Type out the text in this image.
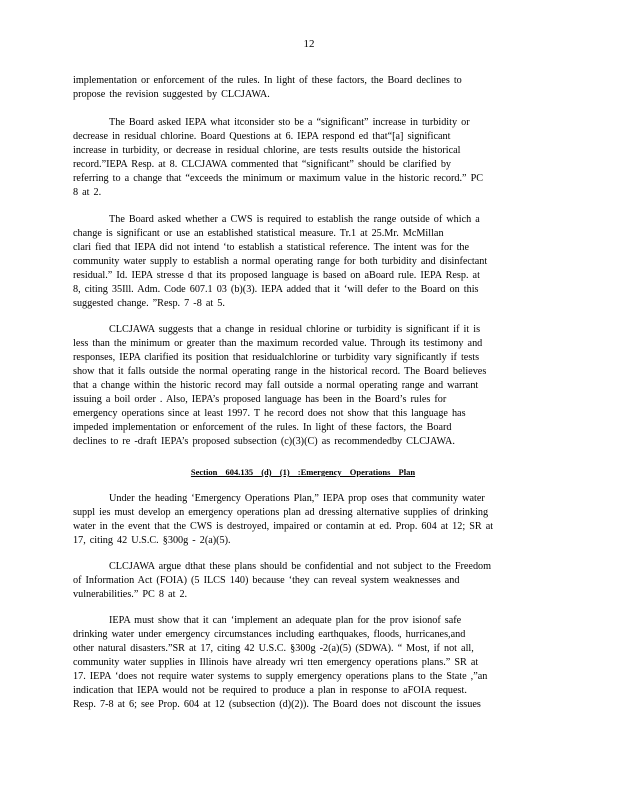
12
implementation or enforcement of the rules. In light of these factors, the Board declines to
propose the revision suggested by CLCJAWA.
The Board asked IEPA what itconsider sto be a “significant” increase in turbidity or
decrease in residual chlorine. Board Questions at 6. IEPA respond ed that“[a] significant
increase in turbidity, or decrease in residual chlorine, are tests results outside the historical
record.”IEPA Resp. at 8. CLCJAWA commented that “significant” should be clarified by
referring to a change that “exceeds the minimum or maximum value in the historic record.” PC
8 at 2.
The Board asked whether a CWS is required to establish the range outside of which a
change is significant or use an established statistical measure. Tr.1 at 25.Mr. McMillan
clari fied that IEPA did not intend ‘to establish a statistical reference. The intent was for the
community water supply to establish a normal operating range for both turbidity and disinfectant
residual.” Id. IEPA stresse d that its proposed language is based on aBoard rule. IEPA Resp. at
8, citing 35Ill. Adm. Code 607.1 03 (b)(3). IEPA added that it ‘will defer to the Board on this
suggested change. ”Resp. 7 -8 at 5.
CLCJAWA suggests that a change in residual chlorine or turbidity is significant if it is
less than the minimum or greater than the maximum recorded value. Through its testimony and
responses, IEPA clarified its position that residualchlorine or turbidity vary significantly if tests
show that it falls outside the normal operating range in the historical record. The Board believes
that a change within the historic record may fall outside a normal operating range and warrant
issuing a boil order . Also, IEPA’s proposed language has been in the Board’s rules for
emergency operations since at least 1997. T he record does not show that this language has
impeded implementation or enforcement of the rules. In light of these factors, the Board
declines to re -draft IEPA’s proposed subsection (c)(3)(C) as recommendedby CLCJAWA.
Section 604.135 (d) (1) :Emergency Operations Plan
Under the heading ‘Emergency Operations Plan,” IEPA prop oses that community water
suppl ies must develop an emergency operations plan ad dressing alternative supplies of drinking
water in the event that the CWS is destroyed, impaired or contamin at ed. Prop. 604 at 12; SR at
17, citing 42 U.S.C. §300g - 2(a)(5).
CLCJAWA argue dthat these plans should be confidential and not subject to the Freedom
of Information Act (FOIA) (5 ILCS 140) because ‘they can reveal system weaknesses and
vulnerabilities.” PC 8 at 2.
IEPA must show that it can ‘implement an adequate plan for the prov isionof safe
drinking water under emergency circumstances including earthquakes, floods, hurricanes,and
other natural disasters.”SR at 17, citing 42 U.S.C. §300g -2(a)(5) (SDWA). “ Most, if not all,
community water supplies in Illinois have already wri tten emergency operations plans.” SR at
17. IEPA ‘does not require water systems to supply emergency operations plans to the State ,”an
indication that IEPA would not be required to produce a plan in response to aFOIA request.
Resp. 7-8 at 6; see Prop. 604 at 12 (subsection (d)(2)). The Board does not discount the issues
